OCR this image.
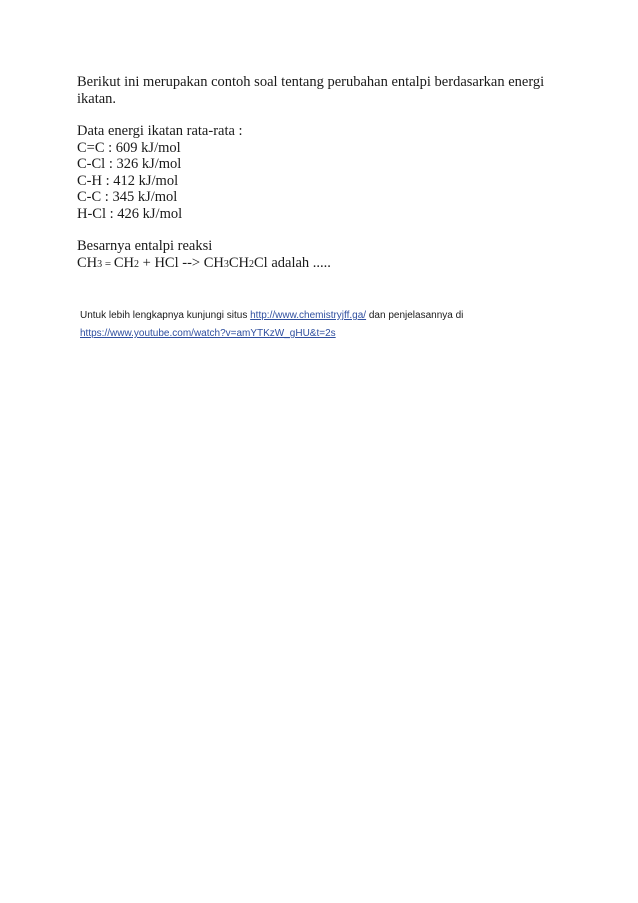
Berikut ini merupakan contoh soal tentang perubahan entalpi berdasarkan energi

ikatan.

Data energi ikatan rata-rata :

C=C : 609 kJ/mol

C-Cl : 326 kJ/mol

C-H : 412 kJ/mol

C-C : 345 kJ/mol

H-Cl : 426 kJ/mol

Besarnya entalpi reaksi

CH3 = CH2 + HCl --> CH3CH2Cl adalah .....

Untuk lebih lengkapnya kunjungi situs http://www.chemistryjff.ga/ dan penjelasannya di
https://www.youtube.com/watch?v=amYTKzW_gHU&t=2s
